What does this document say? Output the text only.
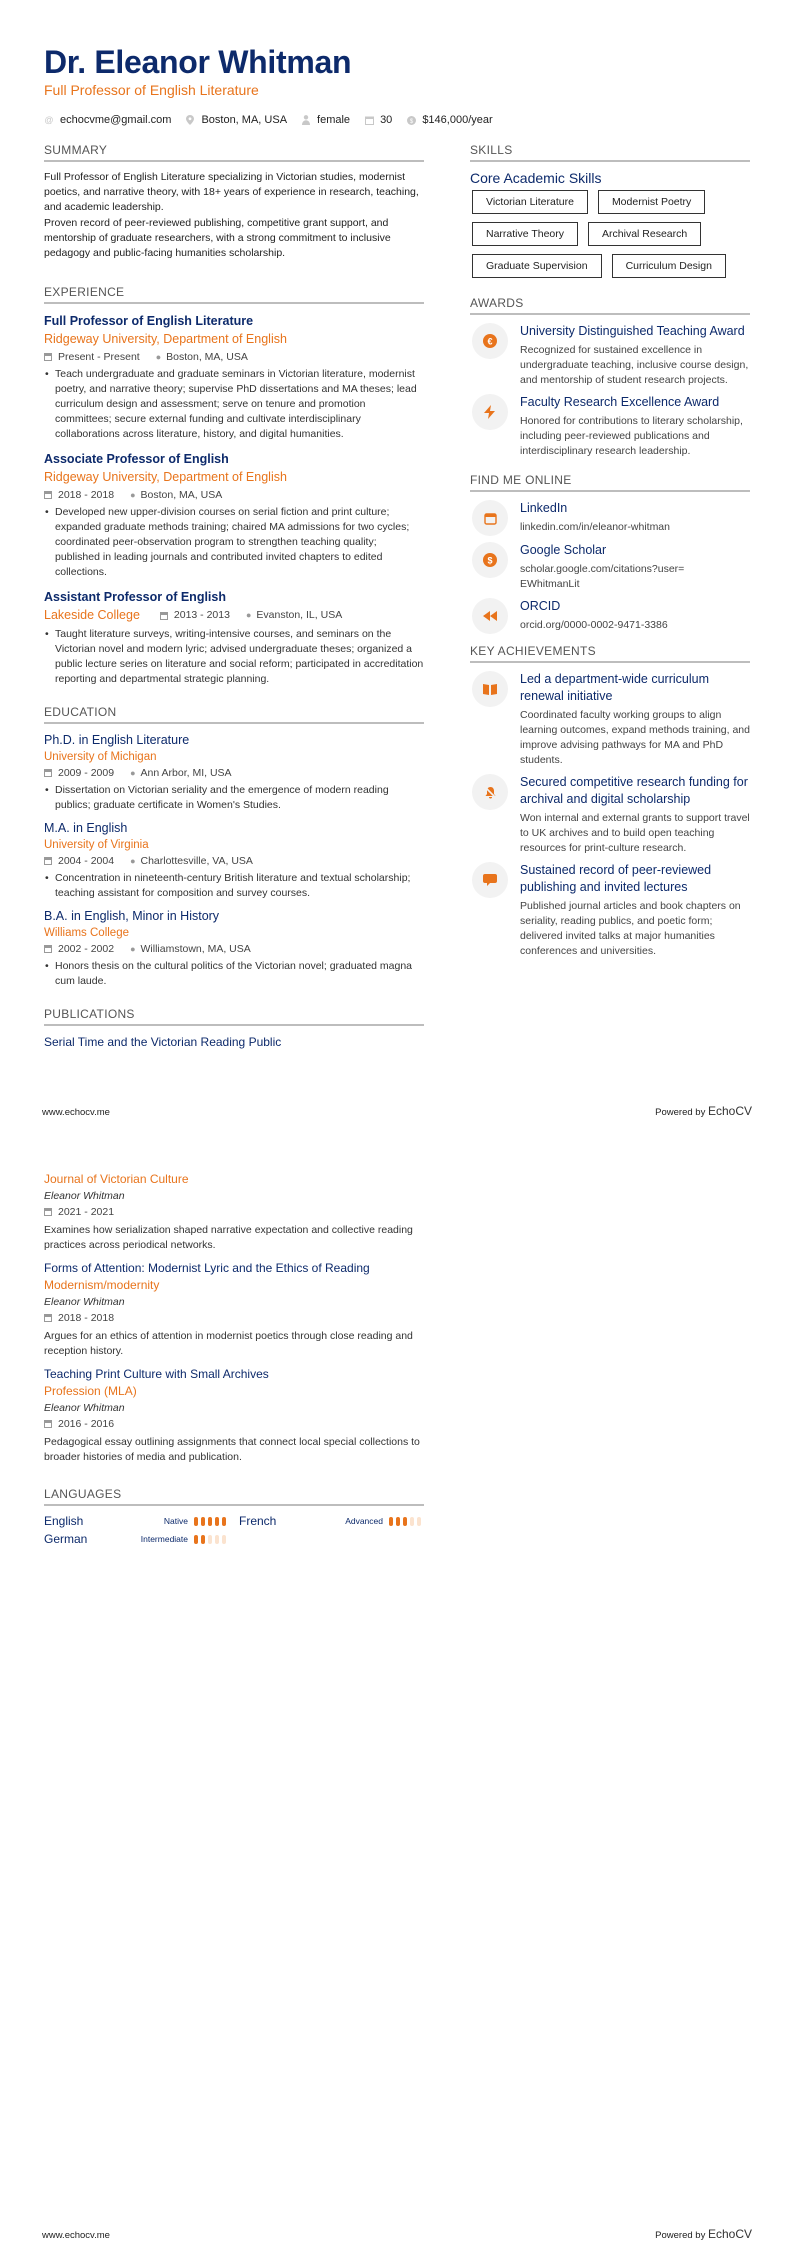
Dr. Eleanor Whitman
Full Professor of English Literature
@ echocvme@gmail.com	Boston, MA, USA	female	30	$ $146,000/year
SUMMARY

Full Professor of English Literature specializing in Victorian studies, modernist poetics, and narrative theory, with 18+ years of experience in research, teaching, and academic leadership.

Proven record of peer-reviewed publishing, competitive grant support, and mentorship of graduate researchers, with a strong commitment to inclusive pedagogy and public-facing humanities scholarship.

EXPERIENCE
Full Professor of English Literature
Ridgeway University, Department of English
Present - Present ● Boston, MA, USA
• Teach undergraduate and graduate seminars in Victorian literature, modernist poetry, and narrative theory; supervise PhD dissertations and MA theses; lead curriculum design and assessment; serve on tenure and promotion committees; secure external funding and cultivate interdisciplinary collaborations across literature, history, and digital humanities.
Associate Professor of English
Ridgeway University, Department of English
2018 - 2018 ● Boston, MA, USA
• Developed new upper-division courses on serial fiction and print culture; expanded graduate methods training; chaired MA admissions for two cycles; coordinated peer-observation program to strengthen teaching quality; published in leading journals and contributed invited chapters to edited collections.
Assistant Professor of English
Lakeside College	2013 - 2013 ● Evanston, IL, USA
• Taught literature surveys, writing-intensive courses, and seminars on the Victorian novel and modern lyric; advised undergraduate theses; organized a public lecture series on literature and social reform; participated in accreditation reporting and departmental strategic planning.
EDUCATION
Ph.D. in English Literature
University of Michigan
2009 - 2009 ● Ann Arbor, MI, USA
• Dissertation on Victorian seriality and the emergence of modern reading publics; graduate certificate in Women's Studies.
M.A. in English
University of Virginia
2004 - 2004 ● Charlottesville, VA, USA
• Concentration in nineteenth-century British literature and textual scholarship; teaching assistant for composition and survey courses.
B.A. in English, Minor in History
Williams College
2002 - 2002 ● Williamstown, MA, USA
• Honors thesis on the cultural politics of the Victorian novel; graduated magna cum laude.
PUBLICATIONS
Serial Time and the Victorian Reading Public
SKILLS
Core Academic Skills
Victorian Literature	Modernist Poetry
Narrative Theory	Archival Research
Graduate Supervision	Curriculum Design
AWARDS
€
University Distinguished Teaching Award
Recognized for sustained excellence in undergraduate teaching, inclusive course design, and mentorship of student research projects.
Faculty Research Excellence Award
Honored for contributions to literary scholarship, including peer-reviewed publications and interdisciplinary research leadership.
FIND ME ONLINE
LinkedIn
linkedin.com/in/eleanor-whitman
$
Google Scholar
scholar.google.com/citations?user=EWhitmanLit
ORCID
orcid.org/0000-0002-9471-3386
KEY ACHIEVEMENTS
Led a department-wide curriculum renewal initiative
Coordinated faculty working groups to align learning outcomes, expand methods training, and improve advising pathways for MA and PhD students.
Secured competitive research funding for archival and digital scholarship
Won internal and external grants to support travel to UK archives and to build open teaching resources for print-culture research.
Sustained record of peer-reviewed publishing and invited lectures
Published journal articles and book chapters on seriality, reading publics, and poetic form; delivered invited talks at major humanities conferences and universities.
www.echocv.me	Powered by EchoCV
Journal of Victorian Culture
Eleanor Whitman
2021 - 2021
Examines how serialization shaped narrative expectation and collective reading practices across periodical networks.
Forms of Attention: Modernist Lyric and the Ethics of Reading
Modernism/modernity
Eleanor Whitman
2018 - 2018
Argues for an ethics of attention in modernist poetics through close reading and reception history.
Teaching Print Culture with Small Archives
Profession (MLA)
Eleanor Whitman
2016 - 2016
Pedagogical essay outlining assignments that connect local special collections to broader histories of media and publication.
LANGUAGES
English	Native	French	Advanced
German	Intermediate
www.echocv.me	Powered by EchoCV
